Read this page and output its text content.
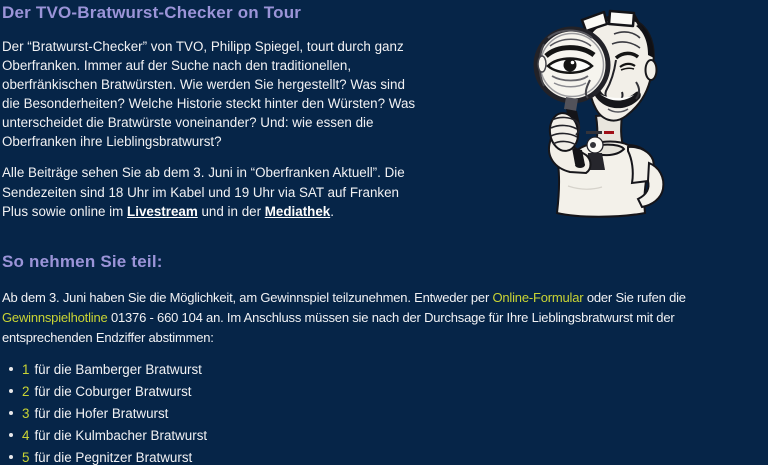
Der TVO-Bratwurst-Checker on Tour

Der “Bratwurst-Checker” von TVO, Philipp Spiegel, tourt durch ganz Oberfranken. Immer auf der Suche nach den traditionellen, oberfränkischen Bratwürsten. Wie werden Sie hergestellt? Was sind die Besonderheiten? Welche Historie steckt hinter den Würsten? Was unterscheidet die Bratwürste voneinander? Und: wie essen die Oberfranken ihre Lieblingsbratwurst?

Alle Beiträge sehen Sie ab dem 3. Juni in “Oberfranken Aktuell”. Die Sendezeiten sind 18 Uhr im Kabel und 19 Uhr via SAT auf Franken Plus sowie online im Livestream und in der Mediathek.

So nehmen Sie teil:

Ab dem 3. Juni haben Sie die Möglichkeit, am Gewinnspiel teilzunehmen. Entweder per Online-Formular oder Sie rufen die Gewinnspielhotline 01376 - 660 104 an. Im Anschluss müssen sie nach der Durchsage für Ihre Lieblingsbratwurst mit der entsprechenden Endziffer abstimmen:

1 für die Bamberger Bratwurst
2 für die Coburger Bratwurst
3 für die Hofer Bratwurst
4 für die Kulmbacher Bratwurst
5 für die Pegnitzer Bratwurst
